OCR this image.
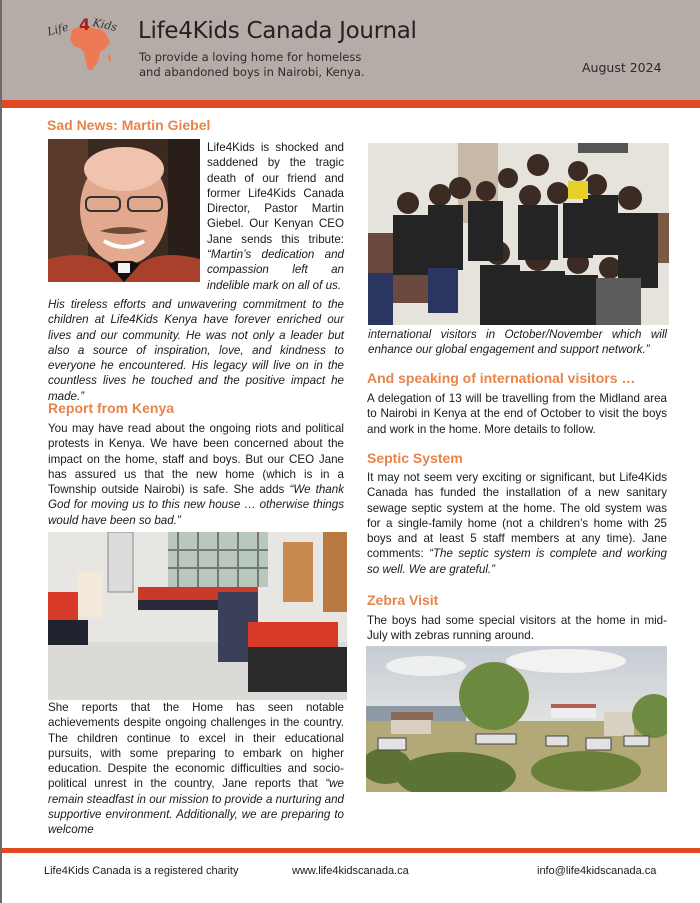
Life 4 Kids Life4Kids Canada Journal
To provide a loving home for homeless
and abandoned boys in Nairobi, Kenya.	August 2024
Sad News: Martin Giebel
Life4Kids is shocked and saddened by the tragic death of our friend and former Life4Kids Canada Director, Pastor Martin Giebel. Our Kenyan CEO Jane sends this tribute: “Martin’s dedication and compassion left an indelible mark on all of us.
His tireless efforts and unwavering commitment to the children at Life4Kids Kenya have forever enriched our lives and our community. He was not only a leader but also a source of inspiration, love, and kindness to everyone he encountered. His legacy will live on in the countless lives he touched and the positive impact he made.”
Report from Kenya
You may have read about the ongoing riots and political protests in Kenya. We have been concerned about the impact on the home, staff and boys. But our CEO Jane has assured us that the new home (which is in a Township outside Nairobi) is safe. She adds “We thank God for moving us to this new house … otherwise things would have been so bad.”
She reports that the Home has seen notable achievements despite ongoing challenges in the country. The children continue to excel in their educational pursuits, with some preparing to embark on higher education. Despite the economic difficulties and socio-political unrest in the country, Jane reports that “we remain steadfast in our mission to provide a nurturing and supportive environment. Additionally, we are preparing to welcome
international visitors in October/November which will enhance our global engagement and support network.”
And speaking of international visitors …
A delegation of 13 will be travelling from the Midland area to Nairobi in Kenya at the end of October to visit the boys and work in the home. More details to follow.
Septic System
It may not seem very exciting or significant, but Life4Kids Canada has funded the installation of a new sanitary sewage septic system at the home. The old system was for a single-family home (not a children’s home with 25 boys and at least 5 staff members at any time). Jane comments: “The septic system is complete and working so well. We are grateful.”
Zebra Visit
The boys had some special visitors at the home in mid-July with zebras running around.
Life4Kids Canada is a registered charity	www.life4kidscanada.ca	info@life4kidscanada.ca
